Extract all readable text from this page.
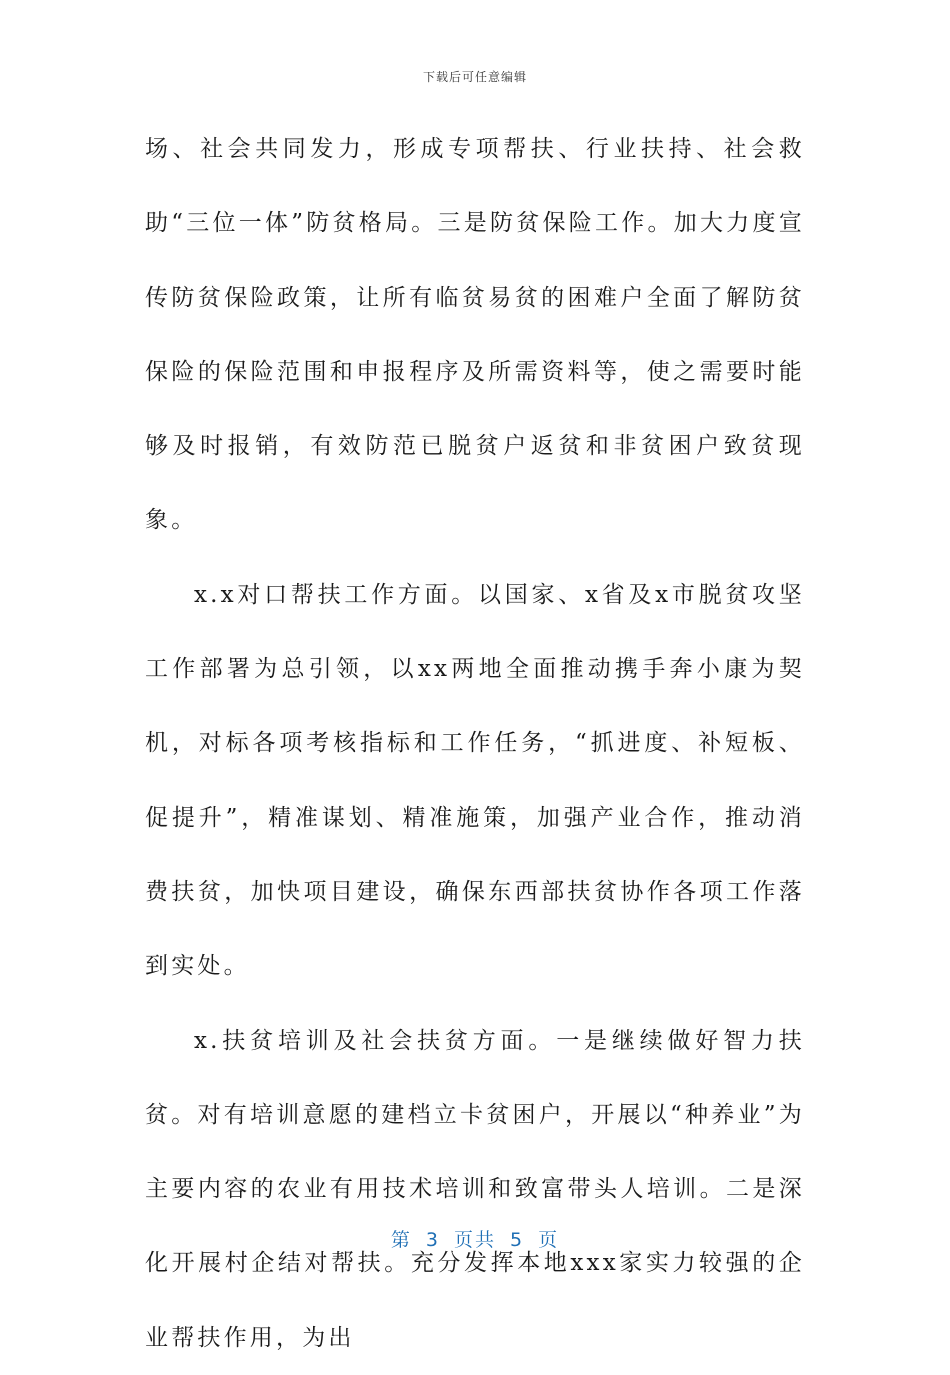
下载后可任意编辑

场、社会共同发力，形成专项帮扶、行业扶持、社会救助“三位一体”防贫格局。三是防贫保险工作。加大力度宣传防贫保险政策，让所有临贫易贫的困难户全面了解防贫保险的保险范围和申报程序及所需资料等，使之需要时能够及时报销，有效防范已脱贫户返贫和非贫困户致贫现象。

x.x对口帮扶工作方面。以国家、x省及x市脱贫攻坚工作部署为总引领，以xx两地全面推动携手奔小康为契机，对标各项考核指标和工作任务，“抓进度、补短板、促提升”，精准谋划、精准施策，加强产业合作，推动消费扶贫，加快项目建设，确保东西部扶贫协作各项工作落到实处。

x.扶贫培训及社会扶贫方面。一是继续做好智力扶贫。对有培训意愿的建档立卡贫困户，开展以“种养业”为主要内容的农业有用技术培训和致富带头人培训。二是深化开展村企结对帮扶。充分发挥本地xxx家实力较强的企业帮扶作用，为出

第 3 页共 5 页
